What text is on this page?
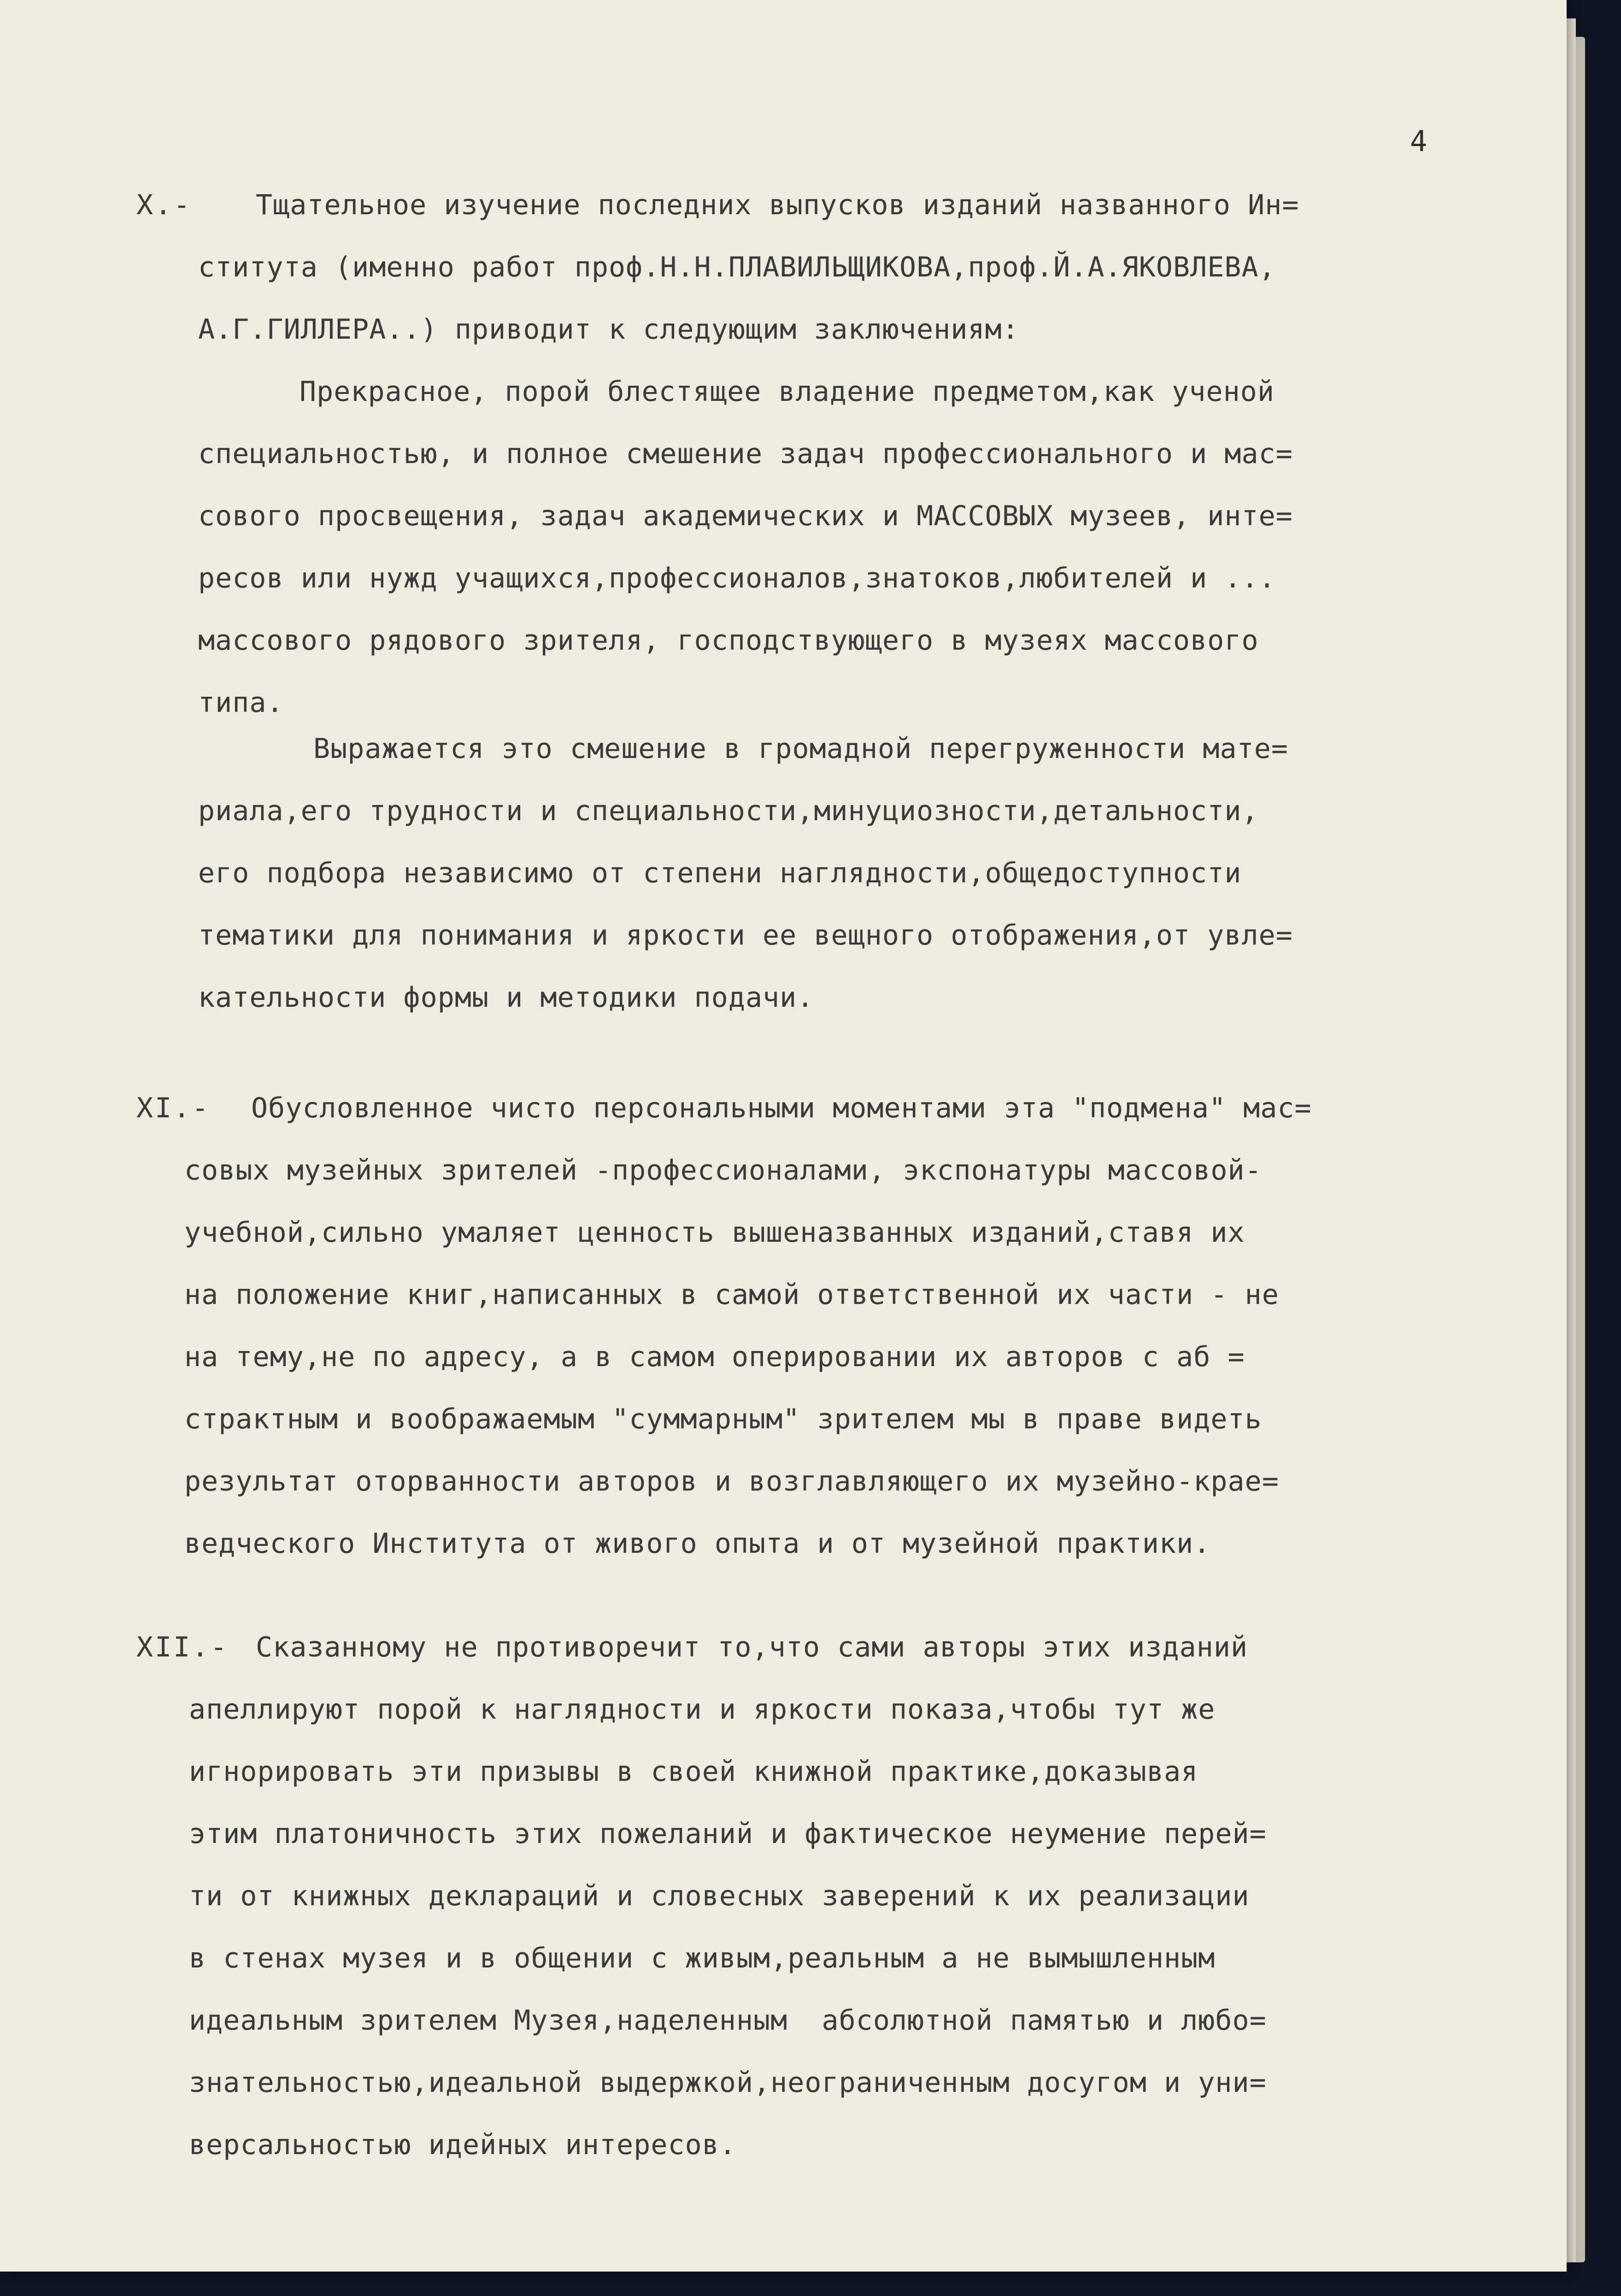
4
X.- Тщательное изучение последних выпусков изданий названного Ин=
ститута (именно работ проф.Н.Н.ПЛАВИЛЬЩИКОВА,проф.Й.А.ЯКОВЛЕВА,
А.Г.ГИЛЛЕРА..) приводит к следующим заключениям:
Прекрасное, порой блестящее владение предметом,как ученой
специальностью, и полное смешение задач профессионального и мас=
сового просвещения, задач академических и МАССОВЫХ музеев, инте=
ресов или нужд учащихся,профессионалов,знатоков,любителей и ...
массового рядового зрителя, господствующего в музеях массового
типа.
Выражается это смешение в громадной перегруженности мате=
риала,его трудности и специальности,минуциозности,детальности,
его подбора независимо от степени наглядности,общедоступности
тематики для понимания и яркости ее вещного отображения,от увле=
кательности формы и методики подачи.
XI.- Обусловленное чисто персональными моментами эта "подмена" мас=
совых музейных зрителей -профессионалами, экспонатуры массовой-
учебной,сильно умаляет ценность вышеназванных изданий,ставя их
на положение книг,написанных в самой ответственной их части - не
на тему,не по адресу, а в самом оперировании их авторов с аб =
страктным и воображаемым "суммарным" зрителем мы в праве видеть
результат оторванности авторов и возглавляющего их музейно-крае=
ведческого Института от живого опыта и от музейной практики.
XII.- Сказанному не противоречит то,что сами авторы этих изданий
апеллируют порой к наглядности и яркости показа,чтобы тут же
игнорировать эти призывы в своей книжной практике,доказывая
этим платоничность этих пожеланий и фактическое неумение перей=
ти от книжных деклараций и словесных заверений к их реализации
в стенах музея и в общении с живым,реальным а не вымышленным
идеальным зрителем Музея,наделенным  абсолютной памятью и любо=
знательностью,идеальной выдержкой,неограниченным досугом и уни=
версальностью идейных интересов.
